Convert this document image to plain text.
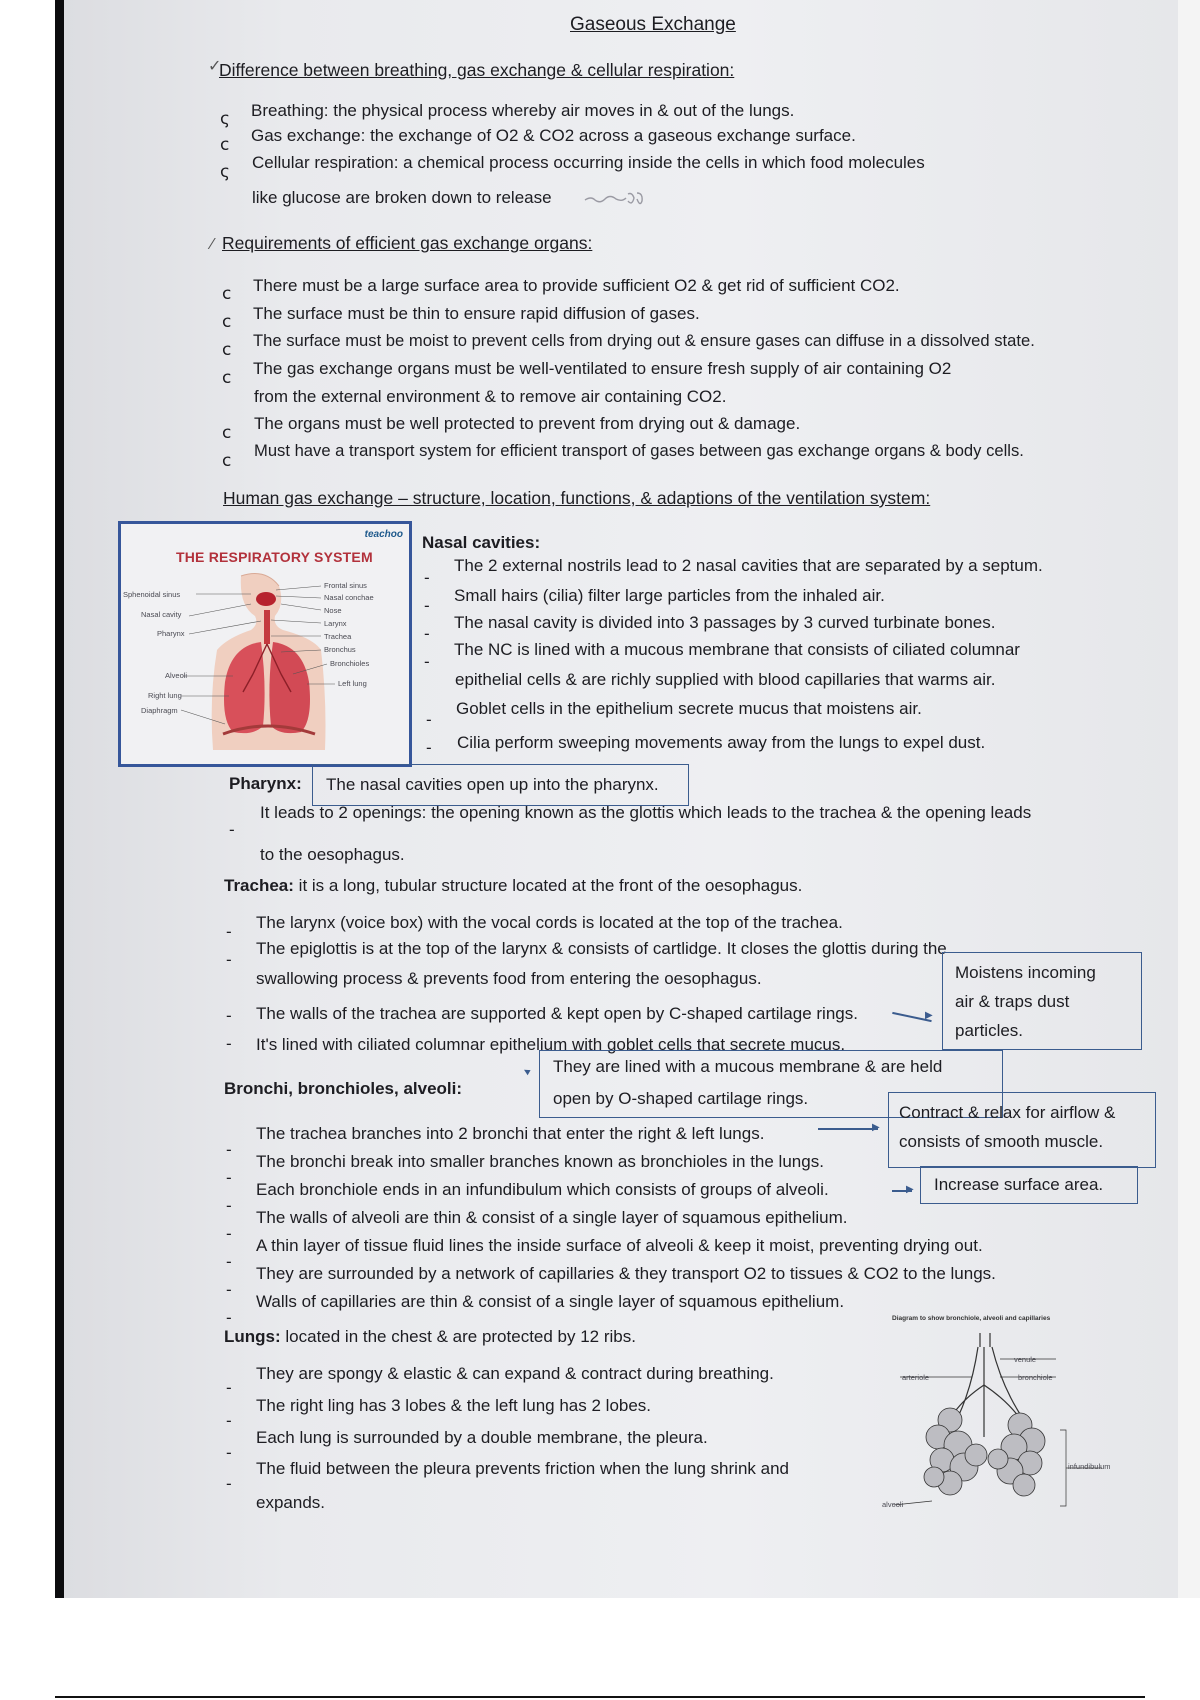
Gaseous Exchange
✓
Difference between breathing, gas exchange & cellular respiration:
ς Breathing: the physical process whereby air moves in & out of the lungs.
c Gas exchange: the exchange of O2 & CO2 across a gaseous exchange surface.
ς Cellular respiration: a chemical process occurring inside the cells in which food molecules
like glucose are broken down to release
⁄ Requirements of efficient gas exchange organs:
c There must be a large surface area to provide sufficient O2 & get rid of sufficient CO2.
c The surface must be thin to ensure rapid diffusion of gases.
c The surface must be moist to prevent cells from drying out & ensure gases can diffuse in a dissolved state.
c The gas exchange organs must be well-ventilated to ensure fresh supply of air containing O2
from the external environment & to remove air containing CO2.
c The organs must be well protected to prevent from drying out & damage.
c
Must have a transport system for efficient transport of gases between gas exchange organs & body cells.
Human gas exchange – structure, location, functions, & adaptions of the ventilation system:
teachoo
THE RESPIRATORY SYSTEM
Sphenoidal sinus
Nasal cavity
Pharynx
Alveoli
Right lung
Diaphragm
Frontal sinus
Nasal conchae
Nose
Larynx
Trachea
Bronchus
Bronchioles
Left lung
Nasal cavities:
-
The 2 external nostrils lead to 2 nasal cavities that are separated by a septum.
-
Small hairs (cilia) filter large particles from the inhaled air.
-
The nasal cavity is divided into 3 passages by 3 curved turbinate bones.
-
The NC is lined with a mucous membrane that consists of ciliated columnar
epithelial cells & are richly supplied with blood capillaries that warms air.
-
Goblet cells in the epithelium secrete mucus that moistens air.
- Cilia perform sweeping movements away from the lungs to expel dust.
Pharynx: The nasal cavities open up into the pharynx.
-
It leads to 2 openings: the opening known as the glottis which leads to the trachea & the opening leads
to the oesophagus.
Trachea: it is a long, tubular structure located at the front of the oesophagus.
- The larynx (voice box) with the vocal cords is located at the top of the trachea.
-
The epiglottis is at the top of the larynx & consists of cartlidge. It closes the glottis during the
swallowing process & prevents food from entering the oesophagus.
- The walls of the trachea are supported & kept open by C-shaped cartilage rings.
- It's lined with ciliated columnar epithelium with goblet cells that secrete mucus.
Moistens incoming
air & traps dust
particles.
▶
They are lined with a mucous membrane & are held
open by O-shaped cartilage rings.
▲
Bronchi, bronchioles, alveoli:
-
The trachea branches into 2 bronchi that enter the right & left lungs.
-
The bronchi break into smaller branches known as bronchioles in the lungs.
-
Each bronchiole ends in an infundibulum which consists of groups of alveoli.
-
The walls of alveoli are thin & consist of a single layer of squamous epithelium.
-
A thin layer of tissue fluid lines the inside surface of alveoli & keep it moist, preventing drying out.
-
They are surrounded by a network of capillaries & they transport O2 to tissues & CO2 to the lungs.
-
Walls of capillaries are thin & consist of a single layer of squamous epithelium.
Contract & relax for airflow &
consists of smooth muscle.
▶
Increase surface area.
▶
Lungs: located in the chest & are protected by 12 ribs.
-
They are spongy & elastic & can expand & contract during breathing.
-
The right ling has 3 lobes & the left lung has 2 lobes.
-
Each lung is surrounded by a double membrane, the pleura.
-
The fluid between the pleura prevents friction when the lung shrink and
expands.
Diagram to show bronchiole, alveoli and capillaries
venule
arteriole	bronchiole
infundibulum
alveoli
